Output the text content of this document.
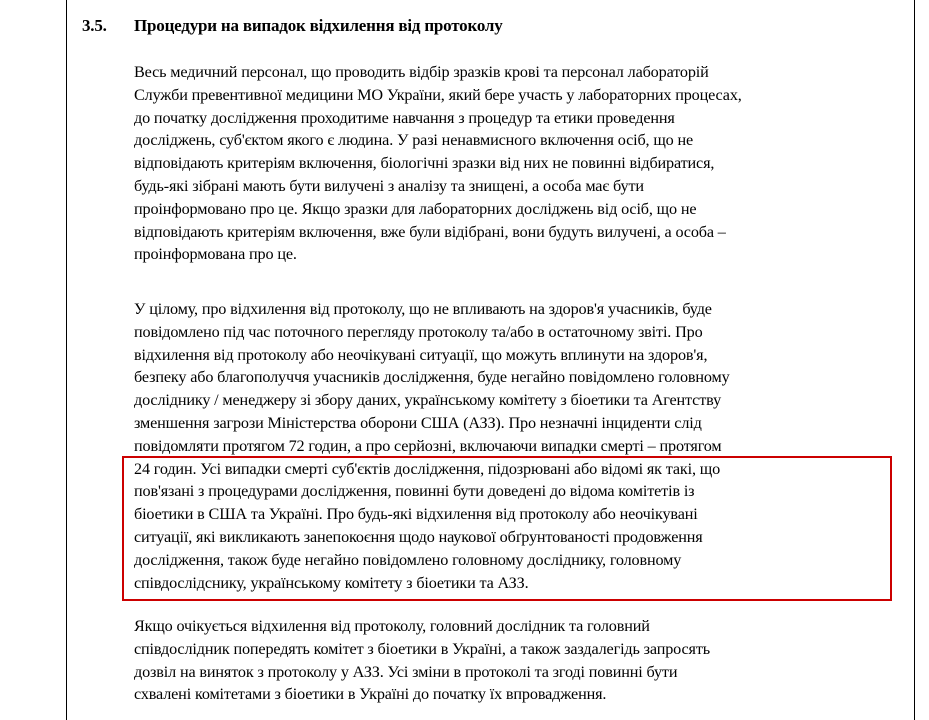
3.5. Процедури на випадок відхилення від протоколу
Весь медичний персонал, що проводить відбір зразків крові та персонал лабораторій
Служби превентивної медицини МО України, який бере участь у лабораторних процесах,
до початку дослідження проходитиме навчання з процедур та етики проведення
досліджень, суб'єктом якого є людина. У разі ненавмисного включення осіб, що не
відповідають критеріям включення, біологічні зразки від них не повинні відбиратися,
будь-які зібрані мають бути вилучені з аналізу та знищені, а особа має бути
проінформовано про це. Якщо зразки для лабораторних досліджень від осіб, що не
відповідають критеріям включення, вже були відібрані, вони будуть вилучені, а особа –
проінформована про це.
У цілому, про відхилення від протоколу, що не впливають на здоров'я учасників, буде
повідомлено під час поточного перегляду протоколу та/або в остаточному звіті. Про
відхилення від протоколу або неочікувані ситуації, що можуть вплинути на здоров'я,
безпеку або благополуччя учасників дослідження, буде негайно повідомлено головному
досліднику / менеджеру зі збору даних, українському комітету з біоетики та Агентству
зменшення загрози Міністерства оборони США (АЗЗ). Про незначні інциденти слід
повідомляти протягом 72 годин, а про серйозні, включаючи випадки смерті – протягом
24 годин. Усі випадки смерті суб'єктів дослідження, підозрювані або відомі як такі, що
пов'язані з процедурами дослідження, повинні бути доведені до відома комітетів із
біоетики в США та Україні. Про будь-які відхилення від протоколу або неочікувані
ситуації, які викликають занепокоєння щодо наукової обґрунтованості продовження
дослідження, також буде негайно повідомлено головному досліднику, головному
співдослідснику, українському комітету з біоетики та АЗЗ.
Якщо очікується відхилення від протоколу, головний дослідник та головний
співдослідник попередять комітет з біоетики в Україні, а також заздалегідь запросять
дозвіл на виняток з протоколу у АЗЗ. Усі зміни в протоколі та згоді повинні бути
схвалені комітетами з біоетики в Україні до початку їх впровадження.
